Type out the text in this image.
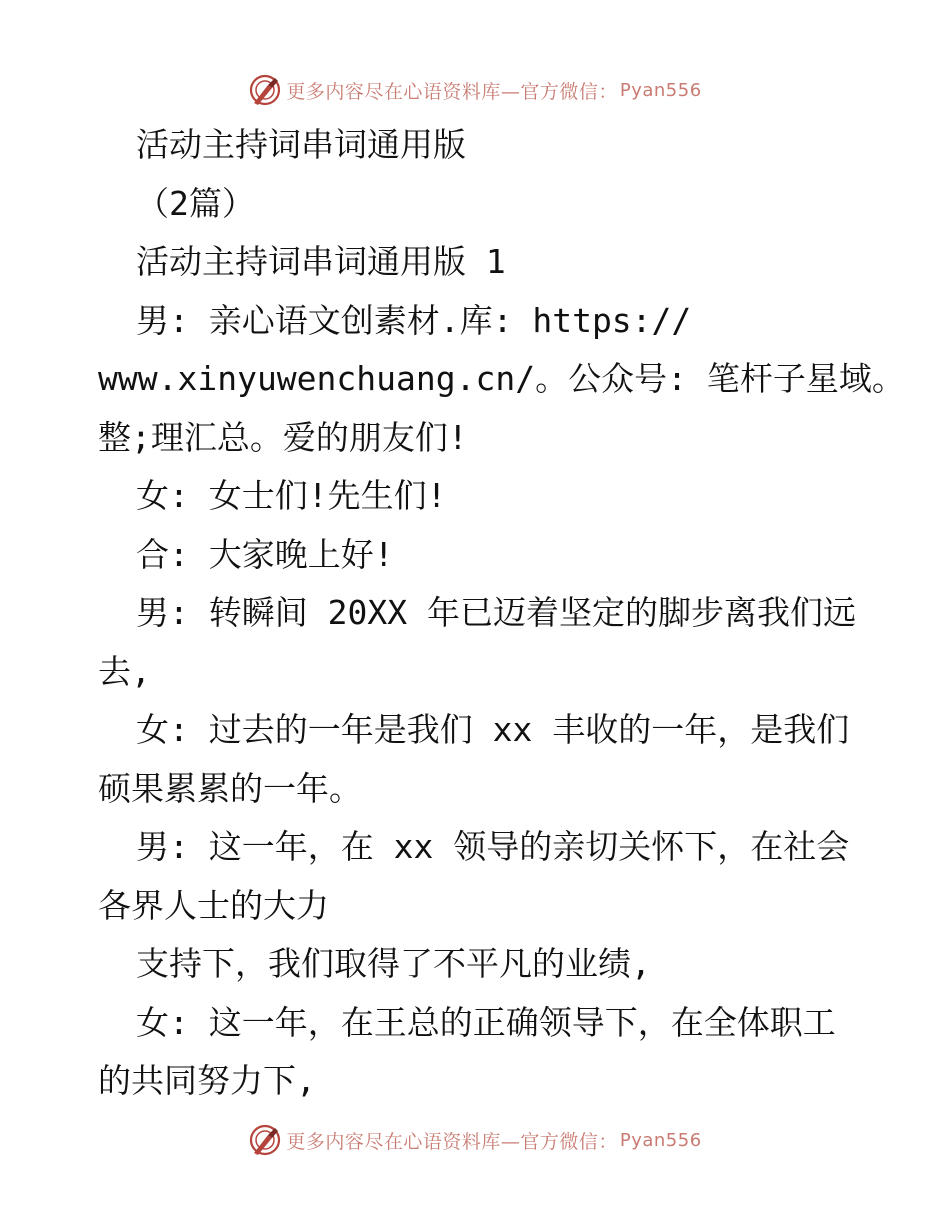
更多内容尽在心语资料库—官方微信： Pyan556
活动主持词串词通用版
（2篇）
活动主持词串词通用版 1
男: 亲心语文创素材.库: https://
www.xinyuwenchuang.cn/。公众号: 笔杆子星域。
整;理汇总。爱的朋友们!
女: 女士们!先生们!
合: 大家晚上好!
男: 转瞬间 20XX 年已迈着坚定的脚步离我们远
去,
女: 过去的一年是我们 xx 丰收的一年，是我们
硕果累累的一年。
男: 这一年，在 xx 领导的亲切关怀下，在社会
各界人士的大力
支持下，我们取得了不平凡的业绩,
女: 这一年，在王总的正确领导下，在全体职工
的共同努力下,
更多内容尽在心语资料库—官方微信： Pyan556
